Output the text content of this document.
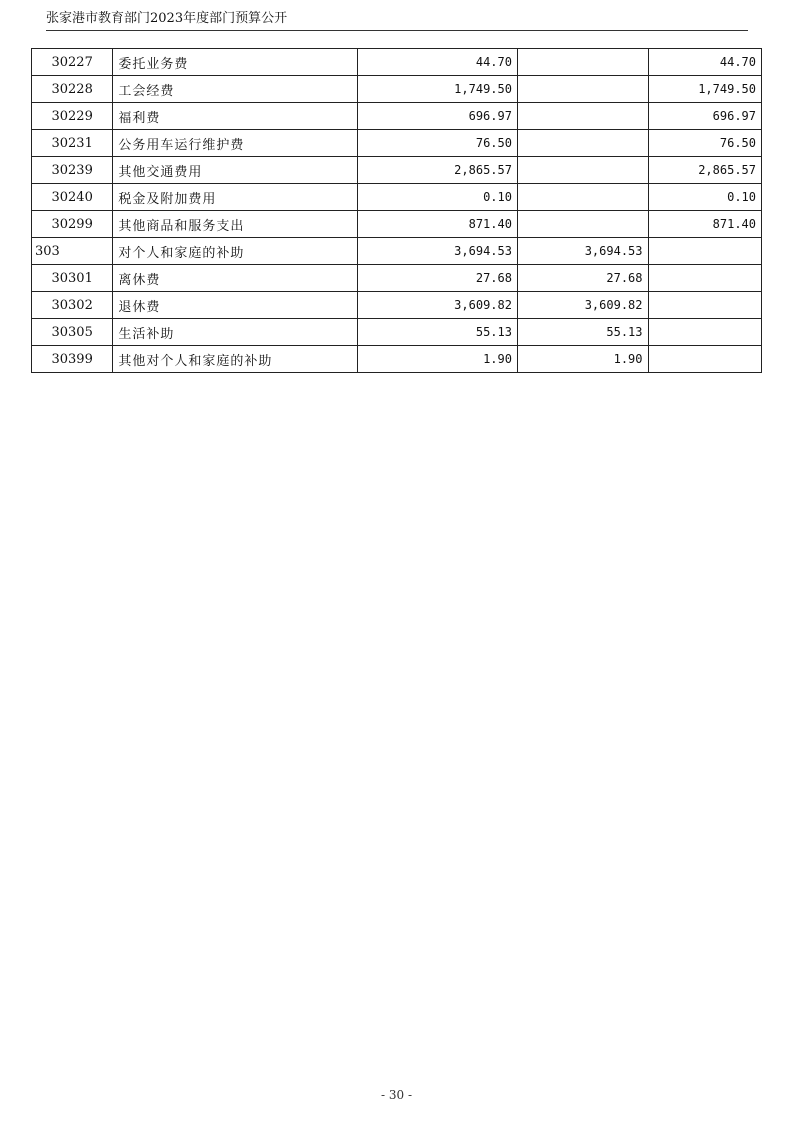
张家港市教育部门2023年度部门预算公开
30227	委托业务费	44.70		44.70
30228	工会经费	1,749.50		1,749.50
30229	福利费	696.97		696.97
30231	公务用车运行维护费	76.50		76.50
30239	其他交通费用	2,865.57		2,865.57
30240	税金及附加费用	0.10		0.10
30299	其他商品和服务支出	871.40		871.40
303	对个人和家庭的补助	3,694.53	3,694.53	
30301	离休费	27.68	27.68	
30302	退休费	3,609.82	3,609.82	
30305	生活补助	55.13	55.13	
30399	其他对个人和家庭的补助	1.90	1.90	
- 30 -
